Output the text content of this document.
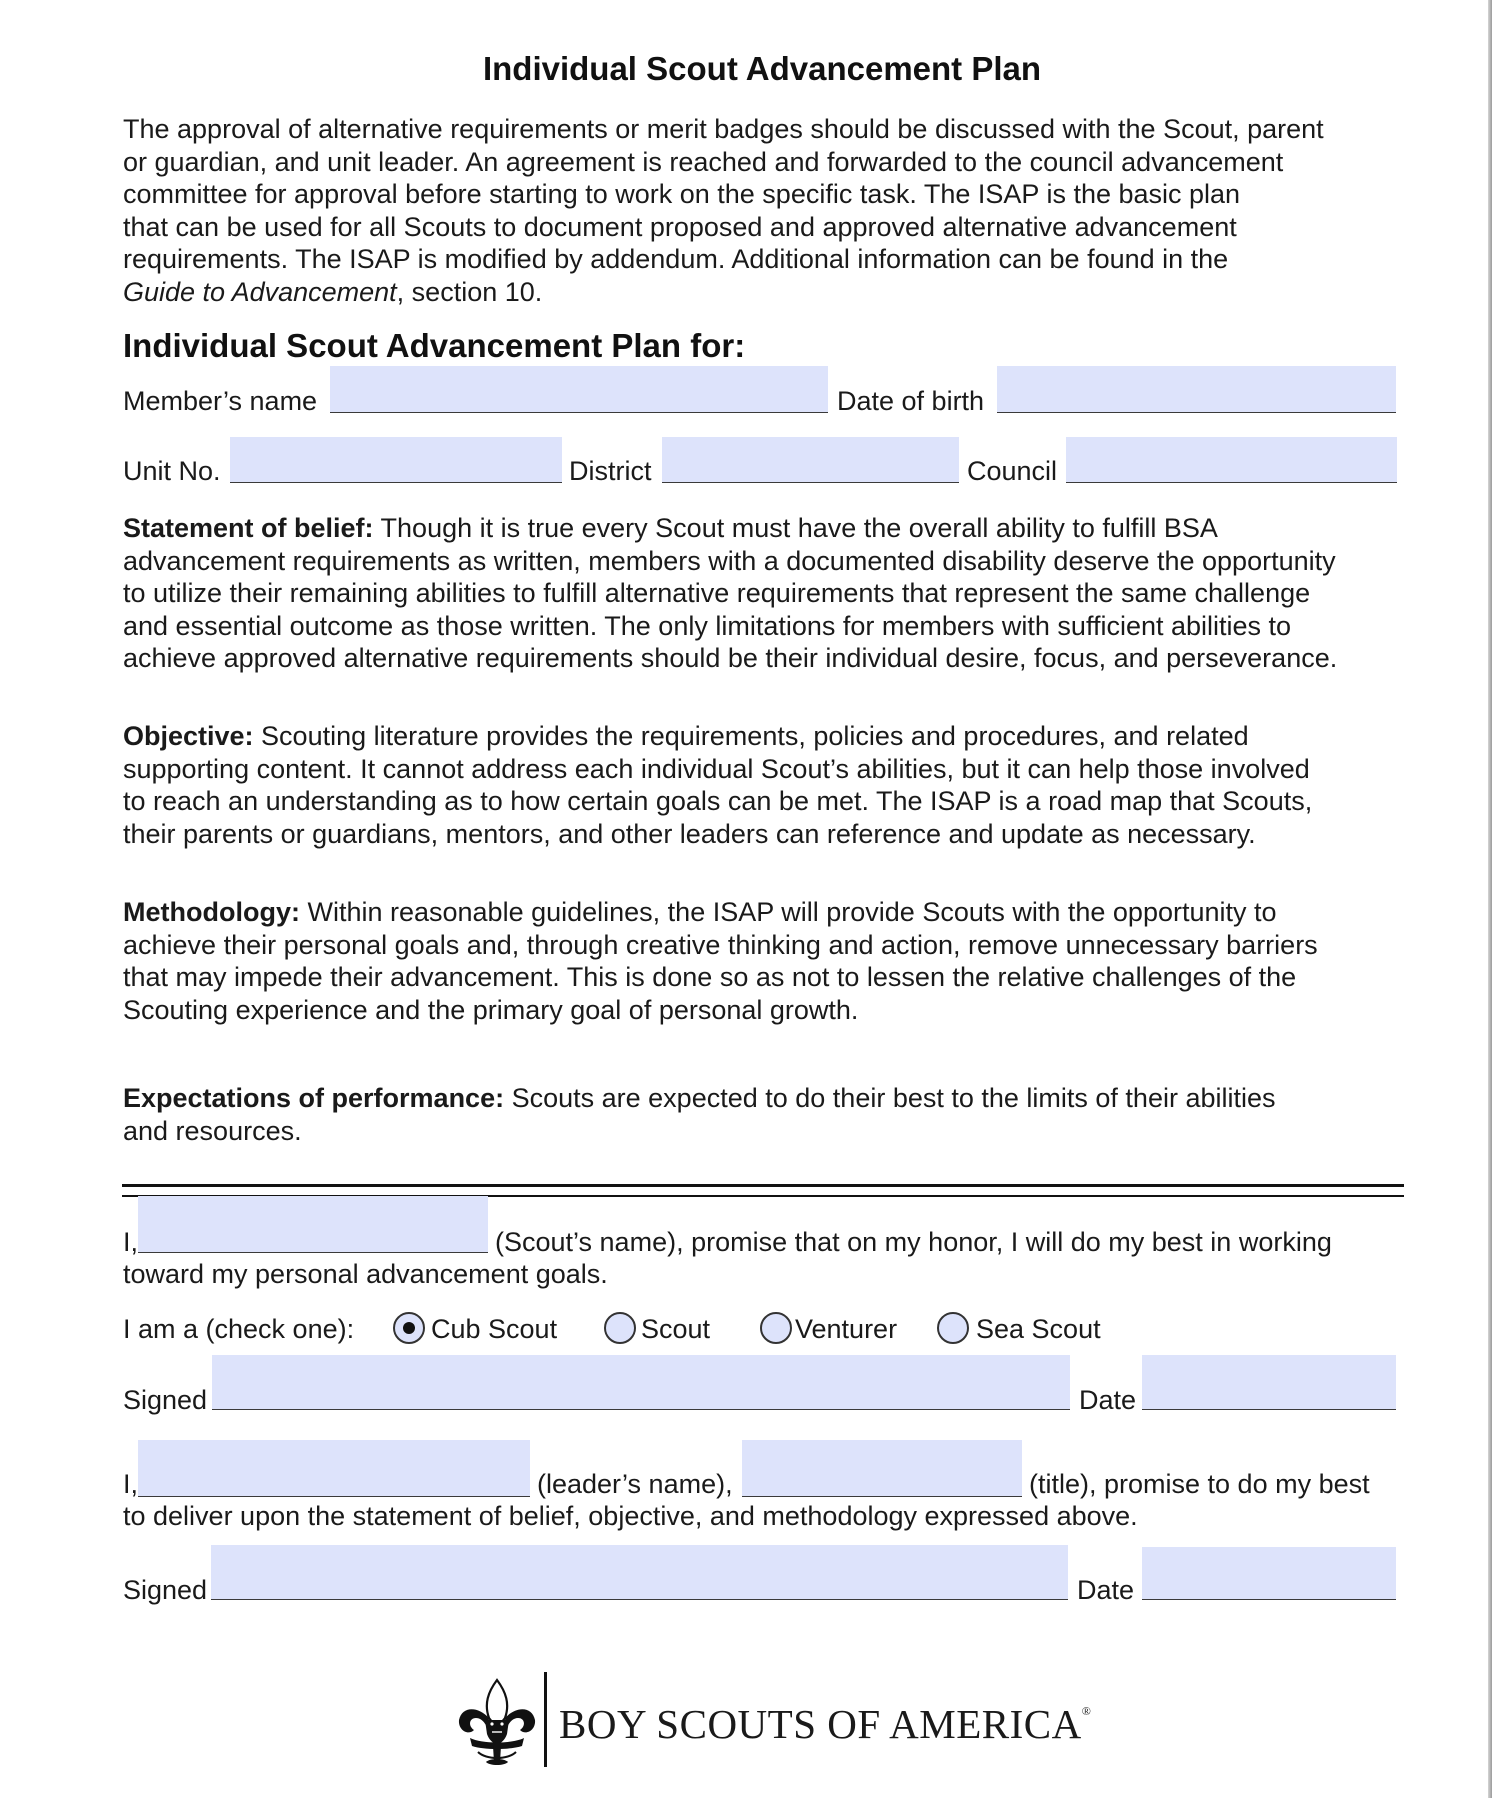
Individual Scout Advancement Plan
The approval of alternative requirements or merit badges should be discussed with the Scout, parent
or guardian, and unit leader. An agreement is reached and forwarded to the council advancement
committee for approval before starting to work on the specific task. The ISAP is the basic plan
that can be used for all Scouts to document proposed and approved alternative advancement
requirements. The ISAP is modified by addendum. Additional information can be found in the
Guide to Advancement, section 10.
Individual Scout Advancement Plan for:
Member’s name	Date of birth
Unit No.	District	Council
Statement of belief: Though it is true every Scout must have the overall ability to fulfill BSA
advancement requirements as written, members with a documented disability deserve the opportunity
to utilize their remaining abilities to fulfill alternative requirements that represent the same challenge
and essential outcome as those written. The only limitations for members with sufficient abilities to
achieve approved alternative requirements should be their individual desire, focus, and perseverance.
Objective: Scouting literature provides the requirements, policies and procedures, and related
supporting content. It cannot address each individual Scout’s abilities, but it can help those involved
to reach an understanding as to how certain goals can be met. The ISAP is a road map that Scouts,
their parents or guardians, mentors, and other leaders can reference and update as necessary.
Methodology: Within reasonable guidelines, the ISAP will provide Scouts with the opportunity to
achieve their personal goals and, through creative thinking and action, remove unnecessary barriers
that may impede their advancement. This is done so as not to lessen the relative challenges of the
Scouting experience and the primary goal of personal growth.
Expectations of performance: Scouts are expected to do their best to the limits of their abilities
and resources.
I,	(Scout’s name), promise that on my honor, I will do my best in working
toward my personal advancement goals.
I am a (check one):	Cub Scout	Scout	Venturer	Sea Scout
Signed	Date
I,	(leader’s name),	(title), promise to do my best
to deliver upon the statement of belief, objective, and methodology expressed above.
Signed	Date
BOY SCOUTS OF AMERICA®
